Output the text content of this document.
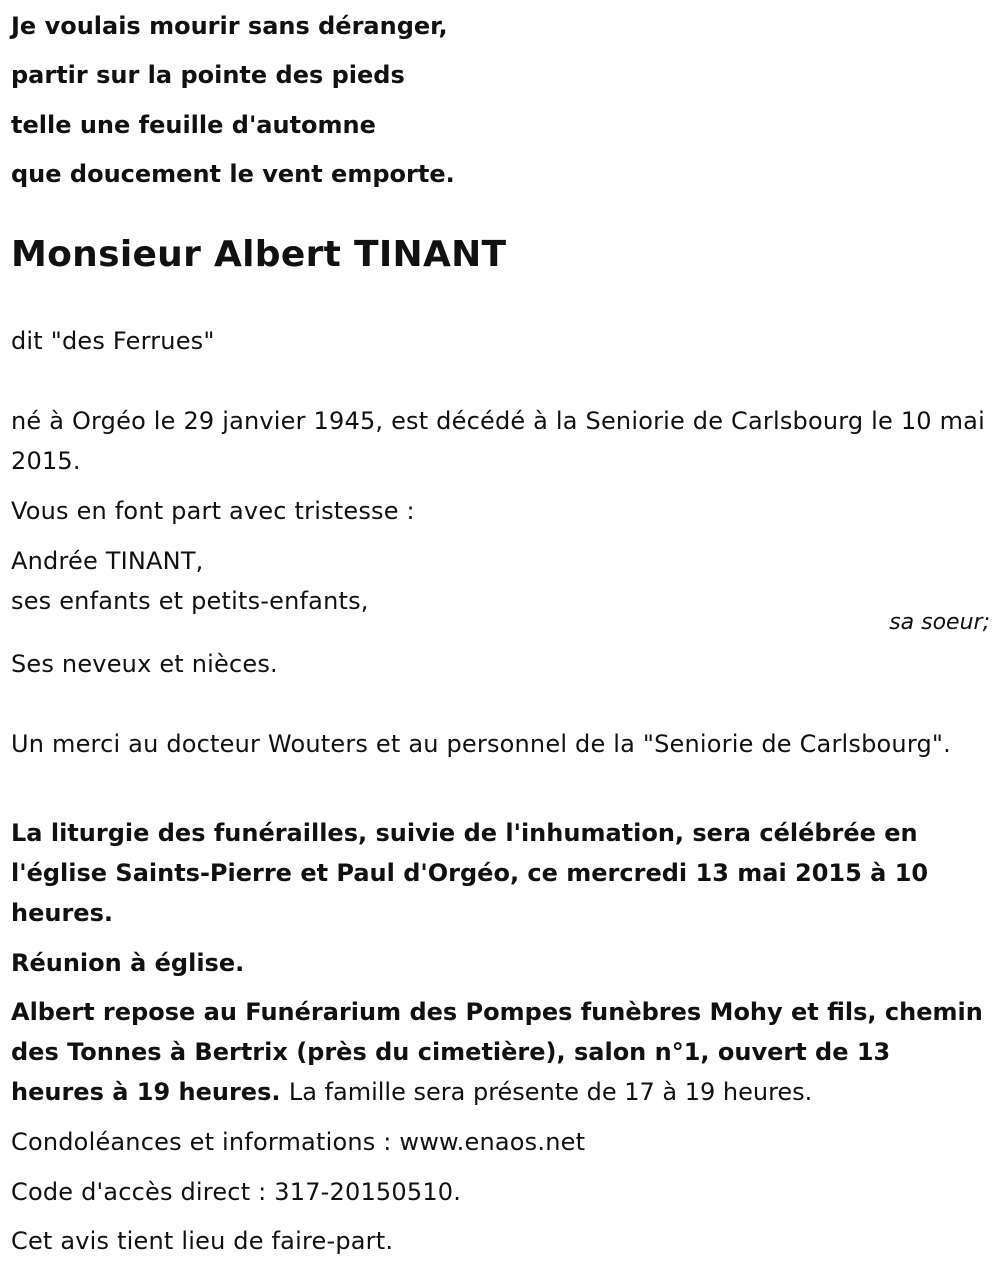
Je voulais mourir sans déranger,

partir sur la pointe des pieds

telle une feuille d'automne

que doucement le vent emporte.

Monsieur Albert TINANT

dit "des Ferrues"

né à Orgéo le 29 janvier 1945, est décédé à la Seniorie de Carlsbourg le 10 mai 2015.

Vous en font part avec tristesse :

Andrée TINANT,

ses enfants et petits-enfants,

sa soeur;

Ses neveux et nièces.

Un merci au docteur Wouters et au personnel de la "Seniorie de Carlsbourg".

La liturgie des funérailles, suivie de l'inhumation, sera célébrée en l'église Saints-Pierre et Paul d'Orgéo, ce mercredi 13 mai 2015 à 10 heures.

Réunion à église.

Albert repose au Funérarium des Pompes funèbres Mohy et fils, chemin des Tonnes à Bertrix (près du cimetière), salon n°1, ouvert de 13 heures à 19 heures. La famille sera présente de 17 à 19 heures.

Condoléances et informations : www.enaos.net

Code d'accès direct : 317-20150510.

Cet avis tient lieu de faire-part.
